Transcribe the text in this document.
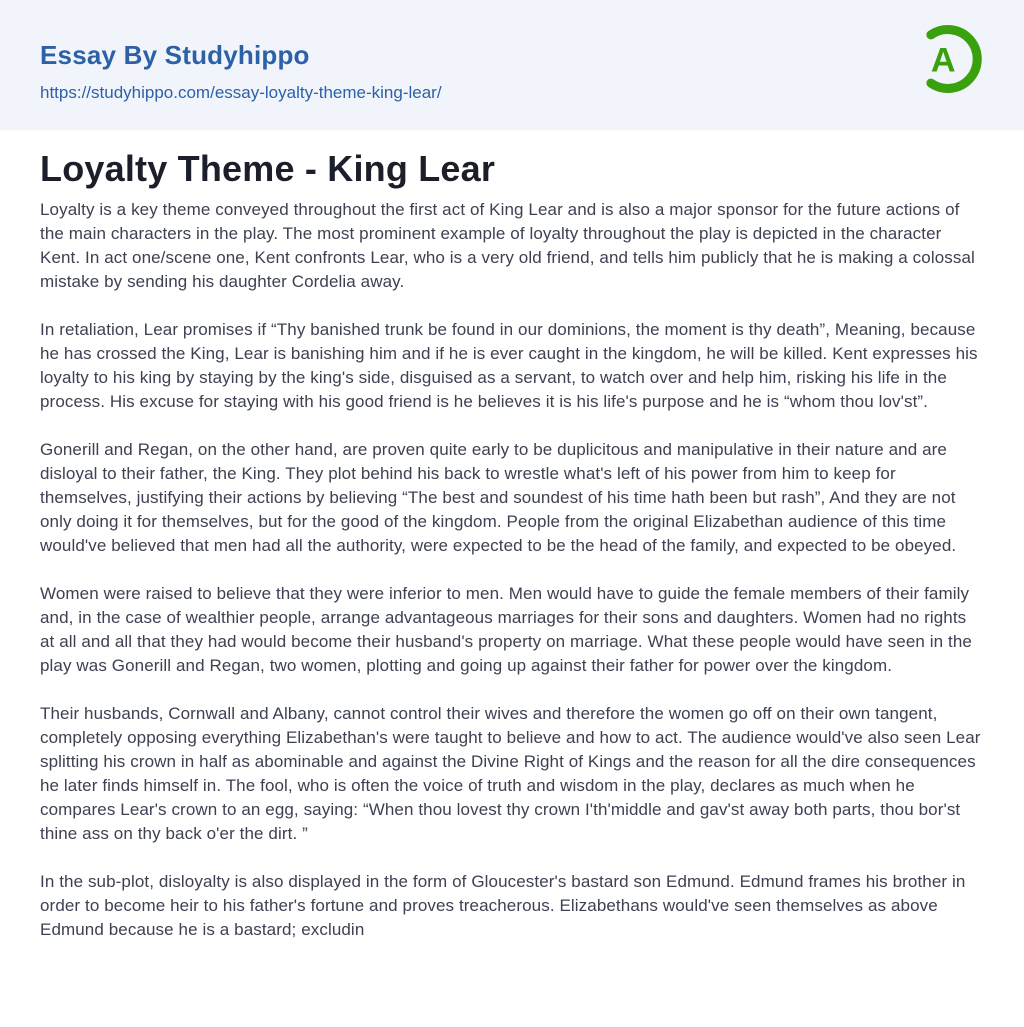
Essay By Studyhippo
https://studyhippo.com/essay-loyalty-theme-king-lear/
A
Loyalty Theme - King Lear

Loyalty is a key theme conveyed throughout the first act of King Lear and is also a major sponsor for the future actions of the main characters in the play. The most prominent example of loyalty throughout the play is depicted in the character Kent. In act one/scene one, Kent confronts Lear, who is a very old friend, and tells him publicly that he is making a colossal mistake by sending his daughter Cordelia away.

In retaliation, Lear promises if “Thy banished trunk be found in our dominions, the moment is thy death”, Meaning, because he has crossed the King, Lear is banishing him and if he is ever caught in the kingdom, he will be killed. Kent expresses his loyalty to his king by staying by the king's side, disguised as a servant, to watch over and help him, risking his life in the process. His excuse for staying with his good friend is he believes it is his life's purpose and he is “whom thou lov'st”.

Gonerill and Regan, on the other hand, are proven quite early to be duplicitous and manipulative in their nature and are disloyal to their father, the King. They plot behind his back to wrestle what's left of his power from him to keep for themselves, justifying their actions by believing “The best and soundest of his time hath been but rash”, And they are not only doing it for themselves, but for the good of the kingdom. People from the original Elizabethan audience of this time would've believed that men had all the authority, were expected to be the head of the family, and expected to be obeyed.

Women were raised to believe that they were inferior to men. Men would have to guide the female members of their family and, in the case of wealthier people, arrange advantageous marriages for their sons and daughters. Women had no rights at all and all that they had would become their husband's property on marriage. What these people would have seen in the play was Gonerill and Regan, two women, plotting and going up against their father for power over the kingdom.

Their husbands, Cornwall and Albany, cannot control their wives and therefore the women go off on their own tangent, completely opposing everything Elizabethan's were taught to believe and how to act. The audience would've also seen Lear splitting his crown in half as abominable and against the Divine Right of Kings and the reason for all the dire consequences he later finds himself in. The fool, who is often the voice of truth and wisdom in the play, declares as much when he compares Lear's crown to an egg, saying: “When thou lovest thy crown I'th'middle and gav'st away both parts, thou bor'st thine ass on thy back o'er the dirt. ”

In the sub-plot, disloyalty is also displayed in the form of Gloucester's bastard son Edmund. Edmund frames his brother in order to become heir to his father's fortune and proves treacherous. Elizabethans would've seen themselves as above Edmund because he is a bastard; excludin
